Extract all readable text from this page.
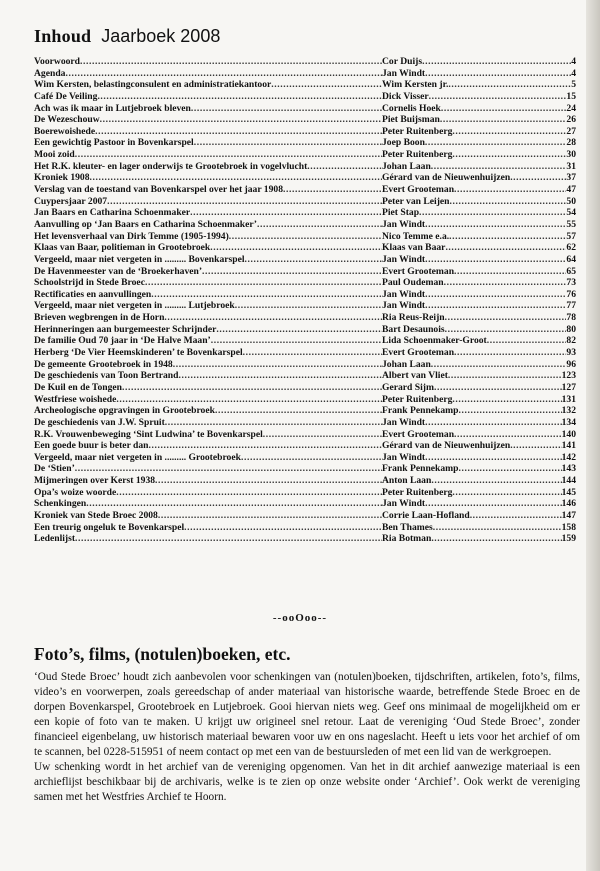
Inhoud Jaarboek 2008
Voorwoord .....	Cor Duijs .....	4
Agenda .....	Jan Windt .....	4
Wim Kersten, belastingconsulent en administratiekantoor .....	Wim Kersten jr. .....	5
Café De Veiling .....	Dick Visser .....	15
Ach was ik maar in Lutjebroek bleven .....	Cornelis Hoek .....	24
De Wezeschouw .....	Piet Buijsman .....	26
Boerewoishede .....	Peter Ruitenberg .....	27
Een gewichtig Pastoor in Bovenkarspel .....	Joep Boon .....	28
Mooi zoid .....	Peter Ruitenberg .....	30
Het R.K. kleuter- en lager onderwijs te Grootebroek in vogelvlucht .....	Johan Laan .....	31
Kroniek 1908 .....	Gérard van de Nieuwenhuijzen .....	37
Verslag van de toestand van Bovenkarspel over het jaar 1908 .....	Evert Grooteman .....	47
Cuypersjaar 2007 .....	Peter van Leijen .....	50
Jan Baars en Catharina Schoenmaker .....	Piet Stap .....	54
Aanvulling op ‘Jan Baars en Catharina Schoenmaker’ .....	Jan Windt .....	55
Het levensverhaal van Dirk Temme (1905-1994) .....	Nico Temme e.a. .....	57
Klaas van Baar, politieman in Grootebroek .....	Klaas van Baar .....	62
Vergeeld, maar niet vergeten in ......... Bovenkarspel .....	Jan Windt .....	64
De Havenmeester van de ‘Broekerhaven’ .....	Evert Grooteman .....	65
Schoolstrijd in Stede Broec .....	Paul Oudeman .....	73
Rectificaties en aanvullingen .....	Jan Windt .....	76
Vergeeld, maar niet vergeten in ......... Lutjebroek .....	Jan Windt .....	77
Brieven wegbrengen in de Horn .....	Ria Reus-Reijn .....	78
Herinneringen aan burgemeester Schrijnder .....	Bart Desaunois .....	80
De familie Oud 70 jaar in ‘De Halve Maan’ .....	Lida Schoenmaker-Groot .....	82
Herberg ‘De Vier Heemskinderen’ te Bovenkarspel .....	Evert Grooteman .....	93
De gemeente Grootebroek in 1948 .....	Johan Laan .....	96
De geschiedenis van Toon Bertrand .....	Albert van Vliet .....	123
De Kuil en de Tongen .....	Gerard Sijm .....	127
Westfriese woishede .....	Peter Ruitenberg .....	131
Archeologische opgravingen in Grootebroek .....	Frank Pennekamp .....	132
De geschiedenis van J.W. Spruit .....	Jan Windt .....	134
R.K. Vrouwenbeweging ‘Sint Ludwina’ te Bovenkarspel .....	Evert Grooteman .....	140
Een goede buur is beter dan .....	Gérard van de Nieuwenhuijzen .....	141
Vergeeld, maar niet vergeten in ......... Grootebroek .....	Jan Windt .....	142
De ‘Stien’ .....	Frank Pennekamp .....	143
Mijmeringen over Kerst 1938 .....	Anton Laan .....	144
Opa’s woize woorde .....	Peter Ruitenberg .....	145
Schenkingen .....	Jan Windt .....	146
Kroniek van Stede Broec 2008 .....	Corrie Laan-Hofland .....	147
Een treurig ongeluk te Bovenkarspel .....	Ben Thames .....	158
Ledenlijst .....	Ria Botman .....	159
--ooOoo--
Foto’s, films, (notulen)boeken, etc.

‘Oud Stede Broec’ houdt zich aanbevolen voor schenkingen van (notulen)boeken, tijdschriften, artikelen, foto’s, films, video’s en voorwerpen, zoals gereedschap of ander materiaal van historische waarde, betreffende Stede Broec en de dorpen Bovenkarspel, Grootebroek en Lutjebroek. Gooi hiervan niets weg. Geef ons minimaal de mogelijkheid om er een kopie of foto van te maken. U krijgt uw origineel snel retour. Laat de vereniging ‘Oud Stede Broec’, zonder financieel eigenbelang, uw historisch materiaal bewaren voor uw en ons nageslacht. Heeft u iets voor het archief of om te scannen, bel 0228-515951 of neem contact op met een van de bestuursleden of met een lid van de werkgroepen.

Uw schenking wordt in het archief van de vereniging opgenomen. Van het in dit archief aanwezige materiaal is een archieflijst beschikbaar bij de archivaris, welke is te zien op onze website onder ‘Archief’. Ook werkt de vereniging samen met het Westfries Archief te Hoorn.
